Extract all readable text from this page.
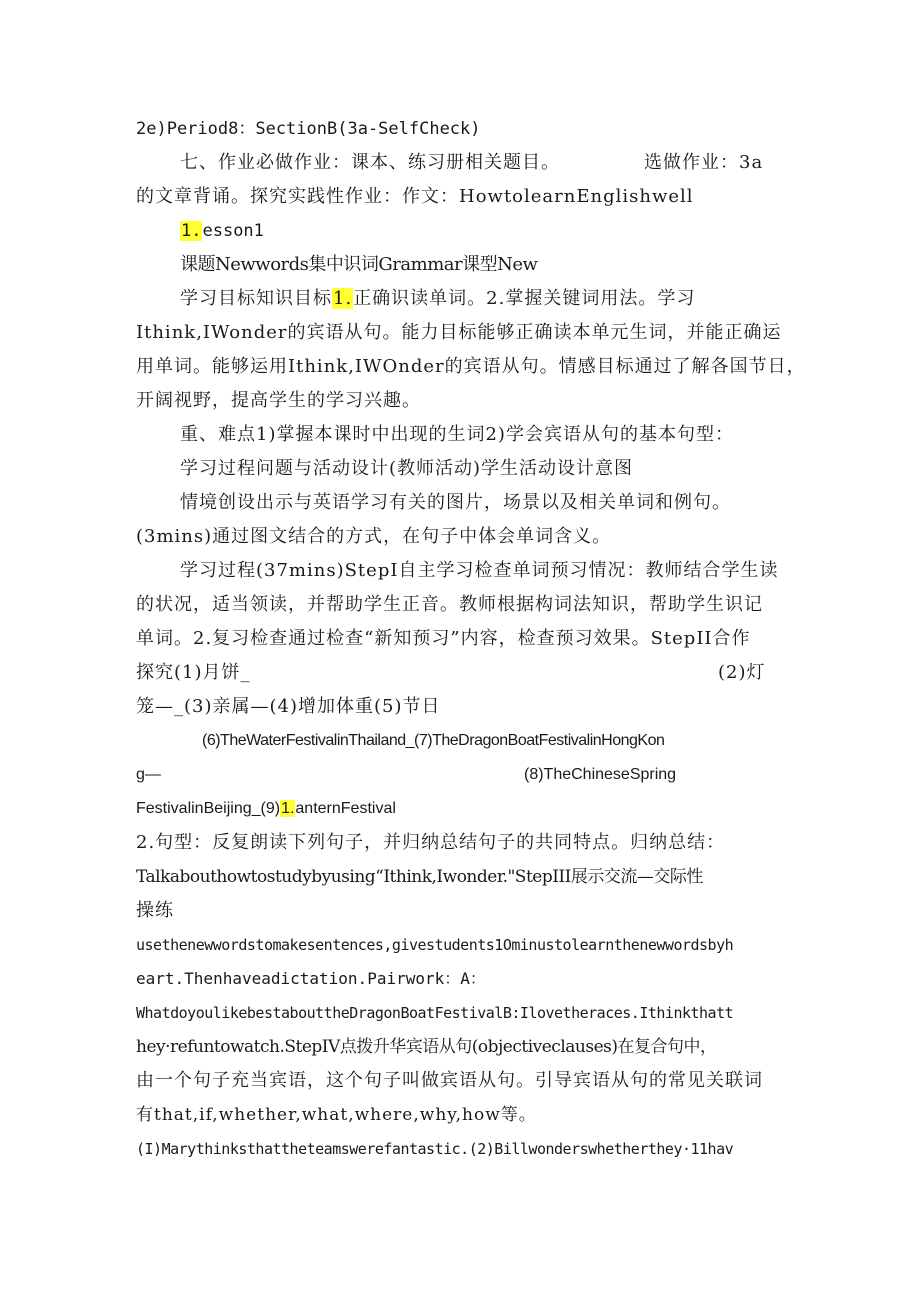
2e)Period8：SectionB(3a-SelfCheck)
七、作业必做作业：课本、练习册相关题目。	选做作业：3a
的文章背诵。探究实践性作业：作文：HowtolearnEnglishwell
1.esson1
课题Newwords集中识词Grammar课型New
学习目标知识目标1.正确识读单词。2.掌握关键词用法。学习
Ithink,IWonder的宾语从句。能力目标能够正确读本单元生词，并能正确运
用单词。能够运用Ithink,IWOnder的宾语从句。情感目标通过了解各国节日，
开阔视野，提高学生的学习兴趣。
重、难点1)掌握本课时中出现的生词2)学会宾语从句的基本句型：
学习过程问题与活动设计(教师活动)学生活动设计意图
情境创设出示与英语学习有关的图片，场景以及相关单词和例句。
(3mins)通过图文结合的方式，在句子中体会单词含义。
学习过程(37mins)StepI自主学习检查单词预习情况：教师结合学生读
的状况，适当领读，并帮助学生正音。教师根据构词法知识，帮助学生识记
单词。2.复习检查通过检查“新知预习”内容，检查预习效果。StepII合作
探究(1)月饼_	(2)灯
笼—_(3)亲属—(4)增加体重(5)节日
(6)TheWaterFestivalinThailand_(7)TheDragonBoatFestivalinHongKon
g—	(8)TheChineseSpring
FestivalinBeijing_(9)1.anternFestival
2.句型：反复朗读下列句子，并归纳总结句子的共同特点。归纳总结：
Talkabouthowtostudybyusing“Ithink,Iwonder."StepIII展示交流—交际性
操练
usethenewwordstomakesentences,givestudents1Ominustolearnthenewwordsbyh
eart.Thenhaveadictation.Pairwork：A：
WhatdoyoulikebestabouttheDragonBoatFestivalB:Ilovetheraces.Ithinkthatt
hey·refuntowatch.StepIV点拨升华宾语从句(objectiveclauses)在复合句中，
由一个句子充当宾语，这个句子叫做宾语从句。引导宾语从句的常见关联词
有that,if,whether,what,where,why,how等。
(I)Marythinksthattheteamswerefantastic.(2)Billwonderswhetherthey·11hav
